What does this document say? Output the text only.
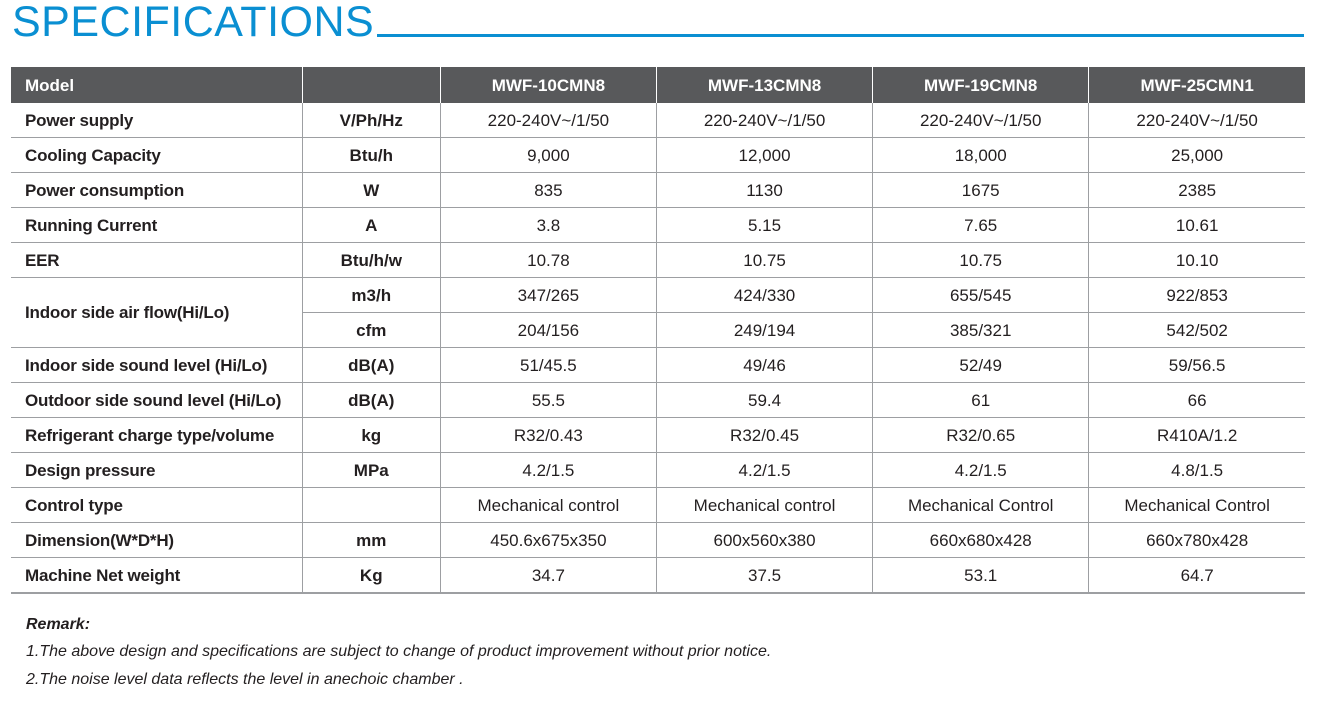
SPECIFICATIONS
Model		MWF-10CMN8	MWF-13CMN8	MWF-19CMN8	MWF-25CMN1
Power supply	V/Ph/Hz	220-240V~/1/50	220-240V~/1/50	220-240V~/1/50	220-240V~/1/50
Cooling Capacity	Btu/h	9,000	12,000	18,000	25,000
Power consumption	W	835	1130	1675	2385
Running Current	A	3.8	5.15	7.65	10.61
EER	Btu/h/w	10.78	10.75	10.75	10.10
Indoor side air flow(Hi/Lo)	m3/h	347/265	424/330	655/545	922/853
	cfm	204/156	249/194	385/321	542/502
Indoor side sound level (Hi/Lo)	dB(A)	51/45.5	49/46	52/49	59/56.5
Outdoor side sound level (Hi/Lo)	dB(A)	55.5	59.4	61	66
Refrigerant charge type/volume	kg	R32/0.43	R32/0.45	R32/0.65	R410A/1.2
Design pressure	MPa	4.2/1.5	4.2/1.5	4.2/1.5	4.8/1.5
Control type		Mechanical control	Mechanical control	Mechanical Control	Mechanical Control
Dimension(W*D*H)	mm	450.6x675x350	600x560x380	660x680x428	660x780x428
Machine Net weight	Kg	34.7	37.5	53.1	64.7
Remark:
1.The above design and specifications are subject to change of product improvement without prior notice.
2.The noise level data reflects the level in anechoic chamber .
